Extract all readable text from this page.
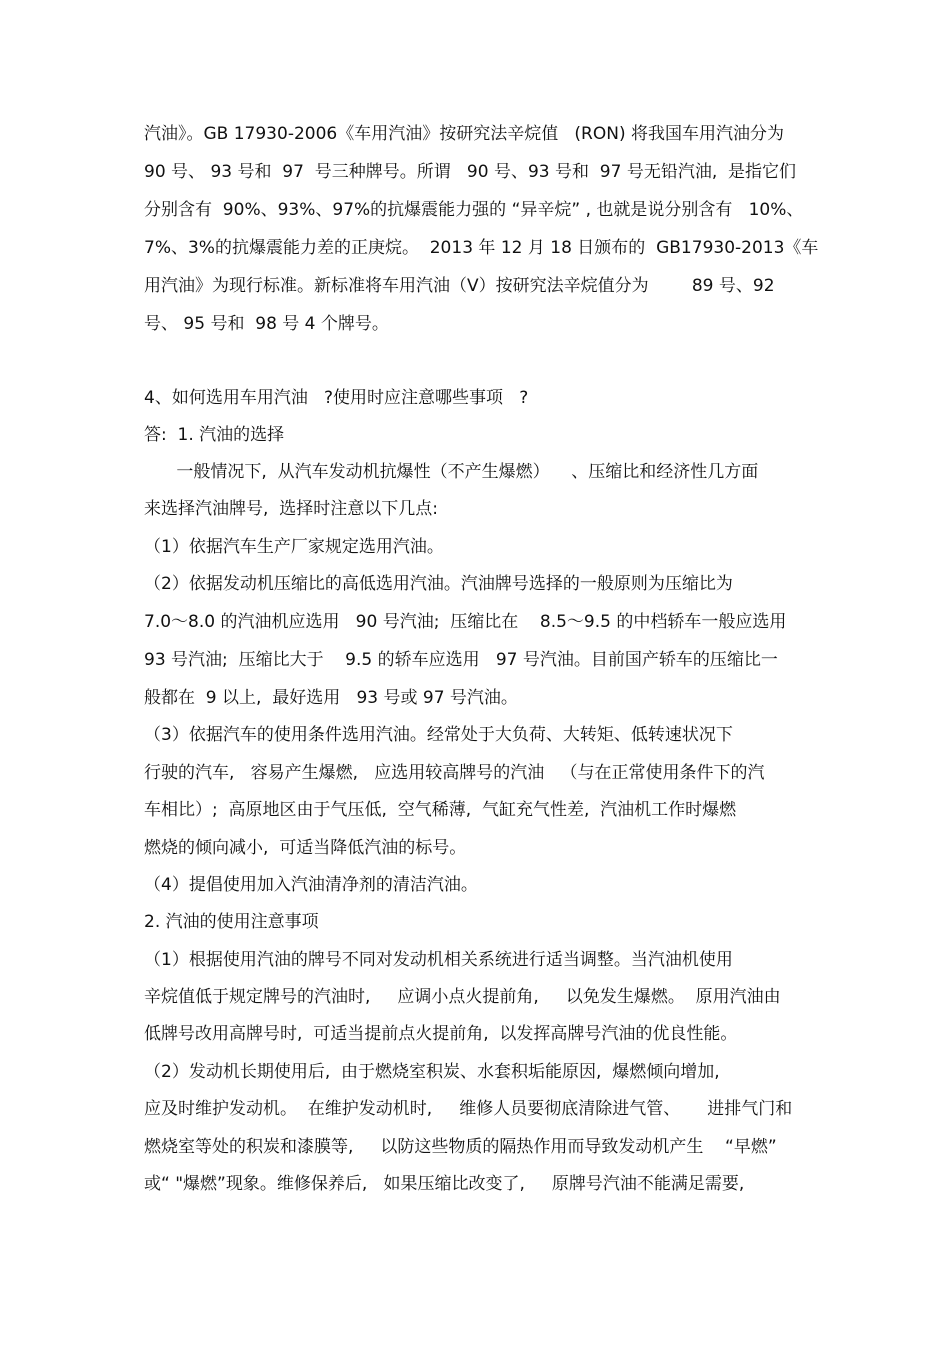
汽油》。GB 17930-2006《车用汽油》按研究法辛烷值   (RON) 将我国车用汽油分为
90 号、 93 号和  97  号三种牌号。所谓   90 号、93 号和  97 号无铅汽油,  是指它们
分别含有  90%、93%、97%的抗爆震能力强的 “异辛烷” , 也就是说分别含有   10%、
7%、3%的抗爆震能力差的正庚烷。  2013 年 12 月 18 日颁布的  GB17930-2013《车
用汽油》为现行标准。新标准将车用汽油（V）按研究法辛烷值分为        89 号、92
号、 95 号和  98 号 4 个牌号。
4、如何选用车用汽油   ?使用时应注意哪些事项   ?
答:  1. 汽油的选择
一般情况下,  从汽车发动机抗爆性（不产生爆燃）    、压缩比和经济性几方面
来选择汽油牌号,  选择时注意以下几点:
（1）依据汽车生产厂家规定选用汽油。
（2）依据发动机压缩比的高低选用汽油。汽油牌号选择的一般原则为压缩比为
7.0～8.0 的汽油机应选用   90 号汽油;  压缩比在    8.5～9.5 的中档轿车一般应选用
93 号汽油;  压缩比大于    9.5 的轿车应选用   97 号汽油。目前国产轿车的压缩比一
般都在  9 以上,  最好选用   93 号或 97 号汽油。
（3）依据汽车的使用条件选用汽油。经常处于大负荷、大转矩、低转速状况下
行驶的汽车,   容易产生爆燃,   应选用较高牌号的汽油   （与在正常使用条件下的汽
车相比）;  高原地区由于气压低,  空气稀薄,  气缸充气性差,  汽油机工作时爆燃
燃烧的倾向减小,  可适当降低汽油的标号。
（4）提倡使用加入汽油清净剂的清洁汽油。
2. 汽油的使用注意事项
（1）根据使用汽油的牌号不同对发动机相关系统进行适当调整。当汽油机使用
辛烷值低于规定牌号的汽油时,     应调小点火提前角,     以免发生爆燃。  原用汽油由
低牌号改用高牌号时,  可适当提前点火提前角,  以发挥高牌号汽油的优良性能。
（2）发动机长期使用后,  由于燃烧室积炭、水套积垢能原因,  爆燃倾向增加,
应及时维护发动机。  在维护发动机时,     维修人员要彻底清除进气管、     进排气门和
燃烧室等处的积炭和漆膜等,     以防这些物质的隔热作用而导致发动机产生    “早燃”
或“ "爆燃”现象。维修保养后,   如果压缩比改变了,     原牌号汽油不能满足需要,
